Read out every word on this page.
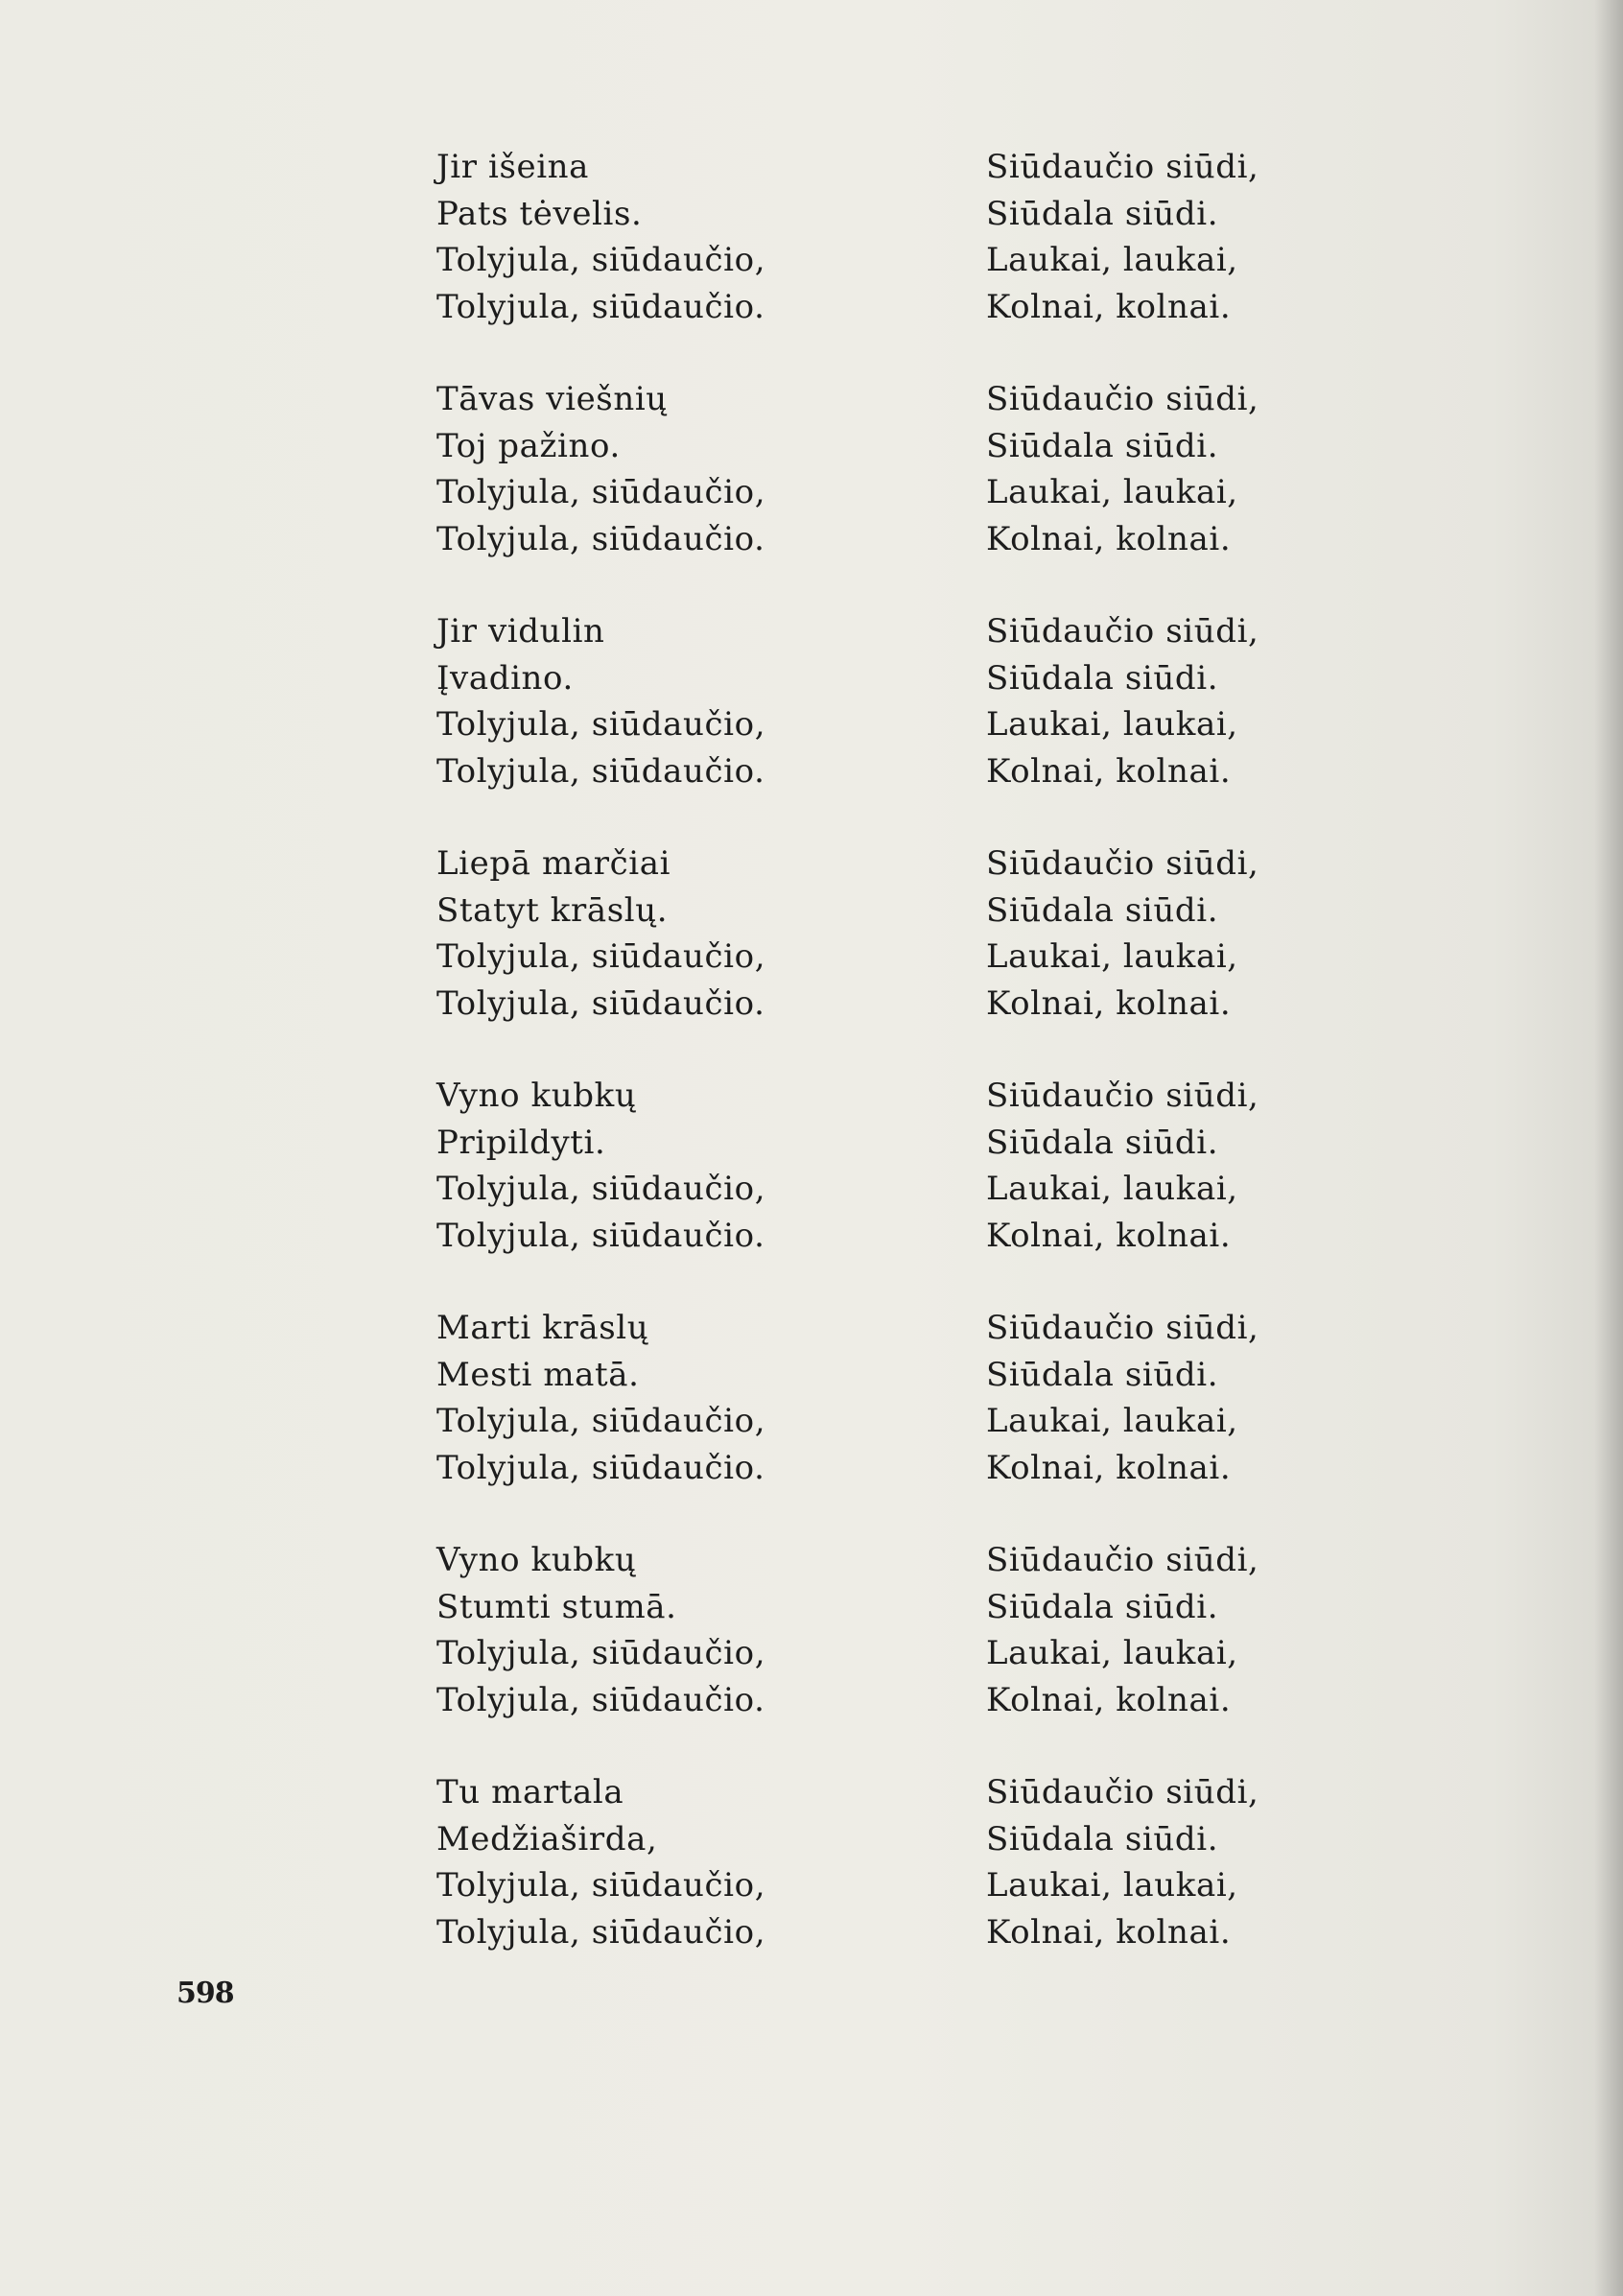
Jir išeina
Pats tėvelis.
Tolyjula, siūdaučio,
Tolyjula, siūdaučio.
Tāvas viešnių
Toj pažino.
Tolyjula, siūdaučio,
Tolyjula, siūdaučio.
Jir vidulin
Įvadino.
Tolyjula, siūdaučio,
Tolyjula, siūdaučio.
Liepā marčiai
Statyt krāslų.
Tolyjula, siūdaučio,
Tolyjula, siūdaučio.
Vyno kubkų
Pripildyti.
Tolyjula, siūdaučio,
Tolyjula, siūdaučio.
Marti krāslų
Mesti matā.
Tolyjula, siūdaučio,
Tolyjula, siūdaučio.
Vyno kubkų
Stumti stumā.
Tolyjula, siūdaučio,
Tolyjula, siūdaučio.
Tu martala
Medžiaširda,
Tolyjula, siūdaučio,
Tolyjula, siūdaučio,
Siūdaučio siūdi,
Siūdala siūdi.
Laukai, laukai,
Kolnai, kolnai.
Siūdaučio siūdi,
Siūdala siūdi.
Laukai, laukai,
Kolnai, kolnai.
Siūdaučio siūdi,
Siūdala siūdi.
Laukai, laukai,
Kolnai, kolnai.
Siūdaučio siūdi,
Siūdala siūdi.
Laukai, laukai,
Kolnai, kolnai.
Siūdaučio siūdi,
Siūdala siūdi.
Laukai, laukai,
Kolnai, kolnai.
Siūdaučio siūdi,
Siūdala siūdi.
Laukai, laukai,
Kolnai, kolnai.
Siūdaučio siūdi,
Siūdala siūdi.
Laukai, laukai,
Kolnai, kolnai.
Siūdaučio siūdi,
Siūdala siūdi.
Laukai, laukai,
Kolnai, kolnai.
598
